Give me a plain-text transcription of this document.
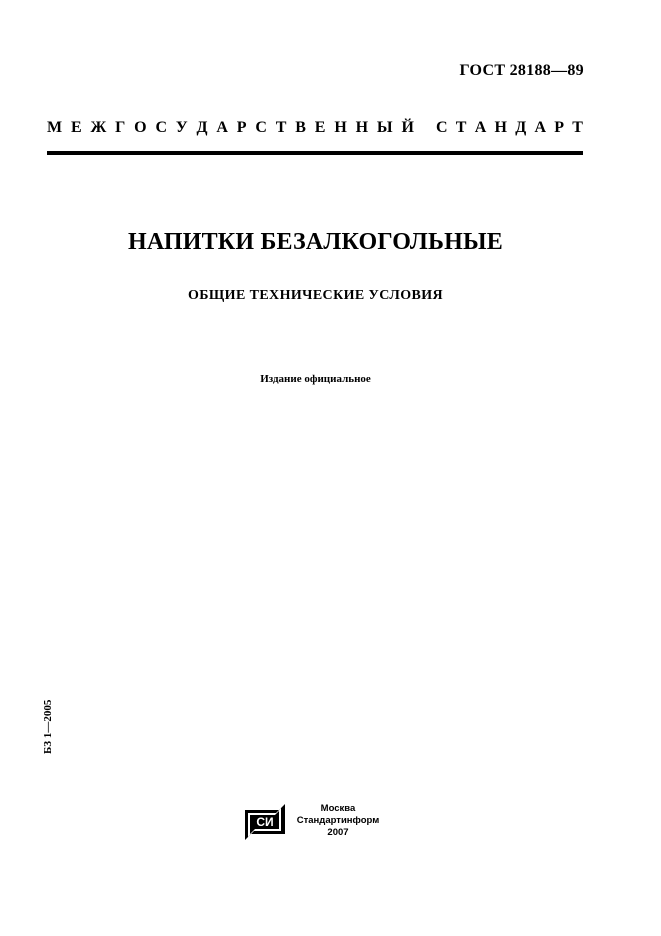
ГОСТ 28188—89
М Е Ж Г О С У Д А Р С Т В Е Н Н Ы Й С Т А Н Д А Р Т
НАПИТКИ БЕЗАЛКОГОЛЬНЫЕ
ОБЩИЕ ТЕХНИЧЕСКИЕ УСЛОВИЯ
Издание официальное
БЗ 1—2005
СИ
Москва
Стандартинформ
2007
